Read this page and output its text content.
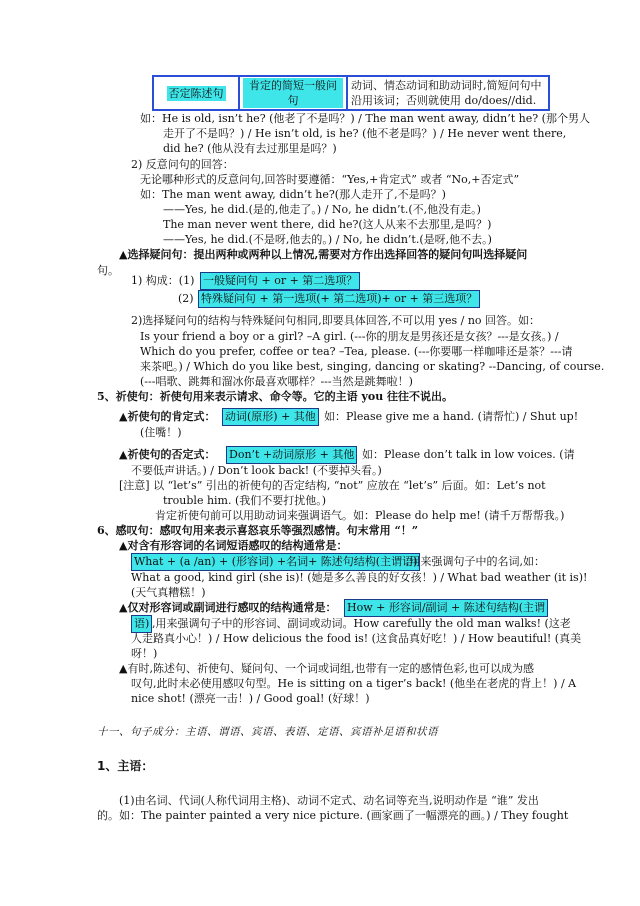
否定陈述句	肯定的简短一般问句	动词、情态动词和助动词时,简短问句中沿用该词；否则就使用 do/does//did.
如：He is old, isn’t he? (他老了不是吗？) / The man went away, didn’t he? (那个男人
走开了不是吗？) / He isn’t old, is he? (他不老是吗？) / He never went there,
did he? (他从没有去过那里是吗？)
2) 反意问句的回答：
无论哪种形式的反意问句,回答时要遵循：“Yes,+肯定式” 或者 “No,+否定式”
如：The man went away, didn’t he?(那人走开了,不是吗？)
——Yes, he did.(是的,他走了。) / No, he didn’t.(不,他没有走。)
The man never went there, did he?(这人从来不去那里,是吗？)
——Yes, he did.(不是呀,他去的。) / No, he didn’t.(是呀,他不去。)
▲选择疑问句：提出两种或两种以上情况,需要对方作出选择回答的疑问句叫选择疑问
句。
1) 构成：(1) 一般疑问句 + or + 第二选项？
(2) 特殊疑问句 + 第一选项(+ 第二选项)+ or + 第三选项？
2)选择疑问句的结构与特殊疑问句相同,即要具体回答,不可以用 yes / no 回答。如：
Is your friend a boy or a girl? –A girl. (---你的朋友是男孩还是女孩？---是女孩。) /
Which do you prefer, coffee or tea? –Tea, please. (---你要哪一样咖啡还是茶？---请
来茶吧。) / Which do you like best, singing, dancing or skating? --Dancing, of course.
(---唱歌、跳舞和溜冰你最喜欢哪样？---当然是跳舞啦！)
5、祈使句：祈使句用来表示请求、命令等。它的主语 you 往往不说出。
▲祈使句的肯定式： 动词(原形) + 其他 如：Please give me a hand. (请帮忙) / Shut up!
(住嘴！)
▲祈使句的否定式： Don’t +动词原形 + 其他 如：Please don’t talk in low voices. (请
不要低声讲话。) / Don’t look back! (不要掉头看。)
[注意] 以 “let’s” 引出的祈使句的否定结构, “not” 应放在 “let’s” 后面。如：Let’s not
trouble him. (我们不要打扰他。)
肯定祈使句前可以用助动词来强调语气。如：Please do help me! (请千万帮帮我。)
6、感叹句：感叹句用来表示喜怒哀乐等强烈感情。句末常用 “！”
▲对含有形容词的名词短语感叹的结构通常是：
What + (a /an) + (形容词) +名词+ 陈述句结构(主谓语)
,用来强调句子中的名词,如：
What a good, kind girl (she is)! (她是多么善良的好女孩！) / What bad weather (it is)!
(天气真糟糕！)
▲仅对形容词或副词进行感叹的结构通常是： How + 形容词/副词 + 陈述句结构(主谓
语) ,用来强调句子中的形容词、副词或动词。How carefully the old man walks! (这老
人走路真小心！) / How delicious the food is! (这食品真好吃！) / How beautiful! (真美
呀！)
▲有时,陈述句、祈使句、疑问句、一个词或词组,也带有一定的感情色彩,也可以成为感
叹句,此时未必使用感叹句型。He is sitting on a tiger’s back! (他坐在老虎的背上！) / A
nice shot! (漂亮一击！) / Good goal! (好球！)
十一、句子成分：主语、谓语、宾语、表语、定语、宾语补足语和状语
1、主语：
(1)由名词、代词(人称代词用主格)、动词不定式、动名词等充当,说明动作是 “谁” 发出
的。如：The painter painted a very nice picture. (画家画了一幅漂亮的画。) / They fought
